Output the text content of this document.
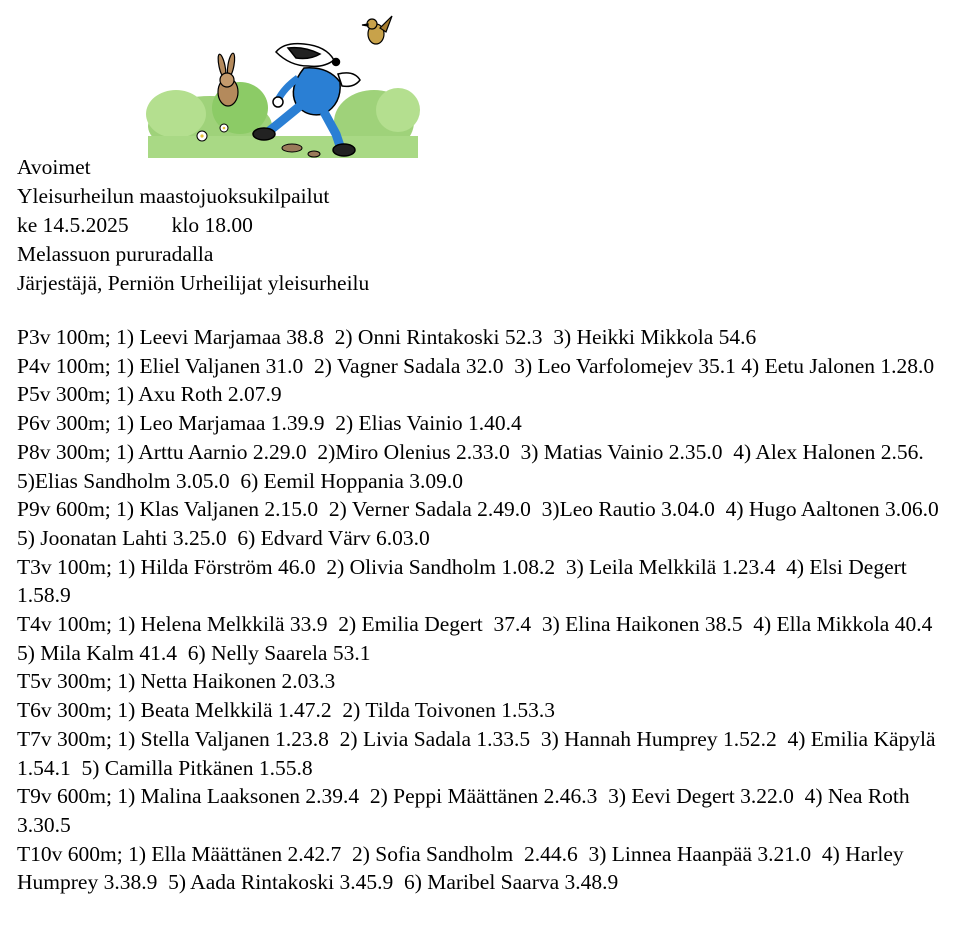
Avoimet
Yleisurheilun maastojuoksukilpailut
ke 14.5.2025        klo 18.00
Melassuon pururadalla
Järjestäjä, Perniön Urheilijat yleisurheilu

P3v 100m; 1) Leevi Marjamaa 38.8  2) Onni Rintakoski 52.3  3) Heikki Mikkola 54.6

P4v 100m; 1) Eliel Valjanen 31.0  2) Vagner Sadala 32.0  3) Leo Varfolomejev 35.1 4) Eetu Jalonen 1.28.0

P5v 300m; 1) Axu Roth 2.07.9

P6v 300m; 1) Leo Marjamaa 1.39.9  2) Elias Vainio 1.40.4

P8v 300m; 1) Arttu Aarnio 2.29.0  2)Miro Olenius 2.33.0  3) Matias Vainio 2.35.0  4) Alex Halonen 2.56.  5)Elias Sandholm 3.05.0  6) Eemil Hoppania 3.09.0

P9v 600m; 1) Klas Valjanen 2.15.0  2) Verner Sadala 2.49.0  3)Leo Rautio 3.04.0  4) Hugo Aaltonen 3.06.0  5) Joonatan Lahti 3.25.0  6) Edvard Värv 6.03.0

T3v 100m; 1) Hilda Förström 46.0  2) Olivia Sandholm 1.08.2  3) Leila Melkkilä 1.23.4  4) Elsi Degert 1.58.9

T4v 100m; 1) Helena Melkkilä 33.9  2) Emilia Degert  37.4  3) Elina Haikonen 38.5  4) Ella Mikkola 40.4  5) Mila Kalm 41.4  6) Nelly Saarela 53.1

T5v 300m; 1) Netta Haikonen 2.03.3

T6v 300m; 1) Beata Melkkilä 1.47.2  2) Tilda Toivonen 1.53.3

T7v 300m; 1) Stella Valjanen 1.23.8  2) Livia Sadala 1.33.5  3) Hannah Humprey 1.52.2  4) Emilia Käpylä 1.54.1  5) Camilla Pitkänen 1.55.8

T9v 600m; 1) Malina Laaksonen 2.39.4  2) Peppi Määttänen 2.46.3  3) Eevi Degert 3.22.0  4) Nea Roth 3.30.5

T10v 600m; 1) Ella Määttänen 2.42.7  2) Sofia Sandholm  2.44.6  3) Linnea Haanpää 3.21.0  4) Harley Humprey 3.38.9  5) Aada Rintakoski 3.45.9  6) Maribel Saarva 3.48.9
